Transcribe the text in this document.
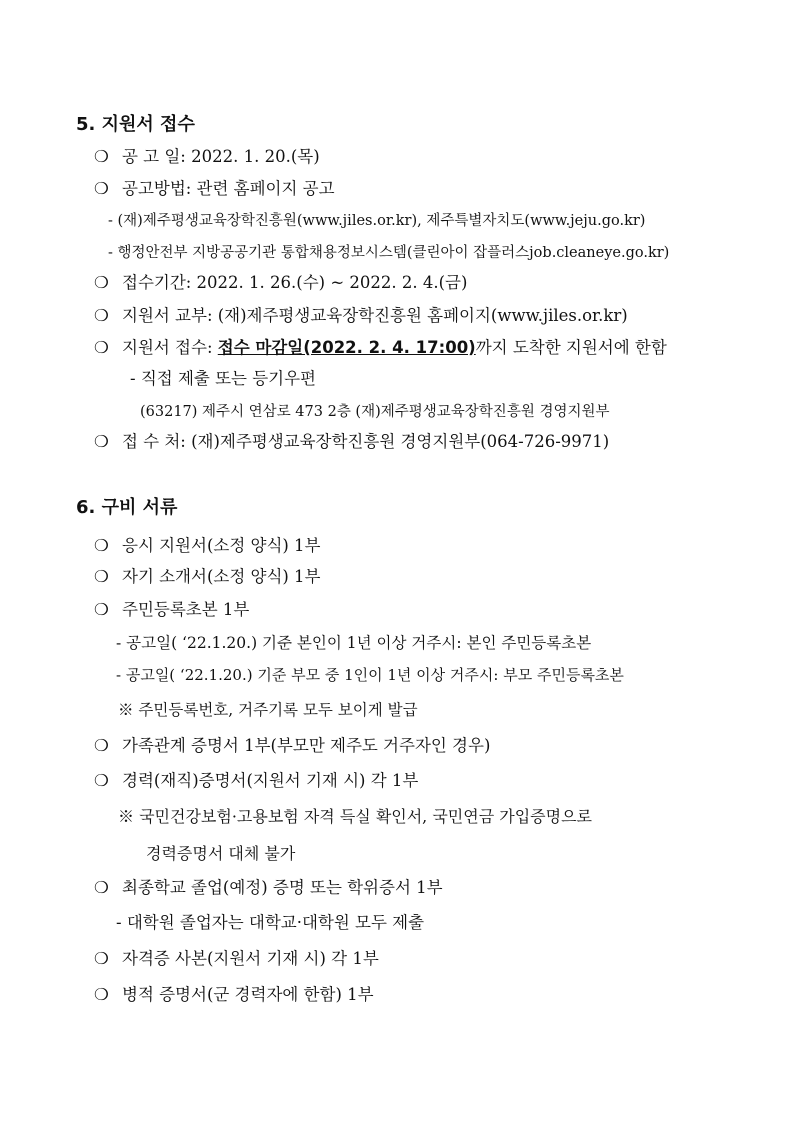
5. 지원서 접수
❍ 공 고 일: 2022. 1. 20.(목)
❍ 공고방법: 관련 홈페이지 공고
- (재)제주평생교육장학진흥원(www.jiles.or.kr), 제주특별자치도(www.jeju.go.kr)
- 행정안전부 지방공공기관 통합채용정보시스템(클린아이 잡플러스job.cleaneye.go.kr)
❍ 접수기간: 2022. 1. 26.(수) ~ 2022. 2. 4.(금)
❍ 지원서 교부: (재)제주평생교육장학진흥원 홈페이지(www.jiles.or.kr)
❍ 지원서 접수: 접수 마감일(2022. 2. 4. 17:00)까지 도착한 지원서에 한함
- 직접 제출 또는 등기우편
(63217) 제주시 연삼로 473 2층 (재)제주평생교육장학진흥원 경영지원부
❍ 접 수 처: (재)제주평생교육장학진흥원 경영지원부(064-726-9971)
6. 구비 서류
❍ 응시 지원서(소정 양식) 1부
❍ 자기 소개서(소정 양식) 1부
❍ 주민등록초본 1부
- 공고일( ‘22.1.20.) 기준 본인이 1년 이상 거주시: 본인 주민등록초본
- 공고일( ‘22.1.20.) 기준 부모 중 1인이 1년 이상 거주시: 부모 주민등록초본
※ 주민등록번호, 거주기록 모두 보이게 발급
❍ 가족관계 증명서 1부(부모만 제주도 거주자인 경우)
❍ 경력(재직)증명서(지원서 기재 시) 각 1부
※ 국민건강보험·고용보험 자격 득실 확인서, 국민연금 가입증명으로
경력증명서 대체 불가
❍ 최종학교 졸업(예정) 증명 또는 학위증서 1부
- 대학원 졸업자는 대학교·대학원 모두 제출
❍ 자격증 사본(지원서 기재 시) 각 1부
❍ 병적 증명서(군 경력자에 한함) 1부
